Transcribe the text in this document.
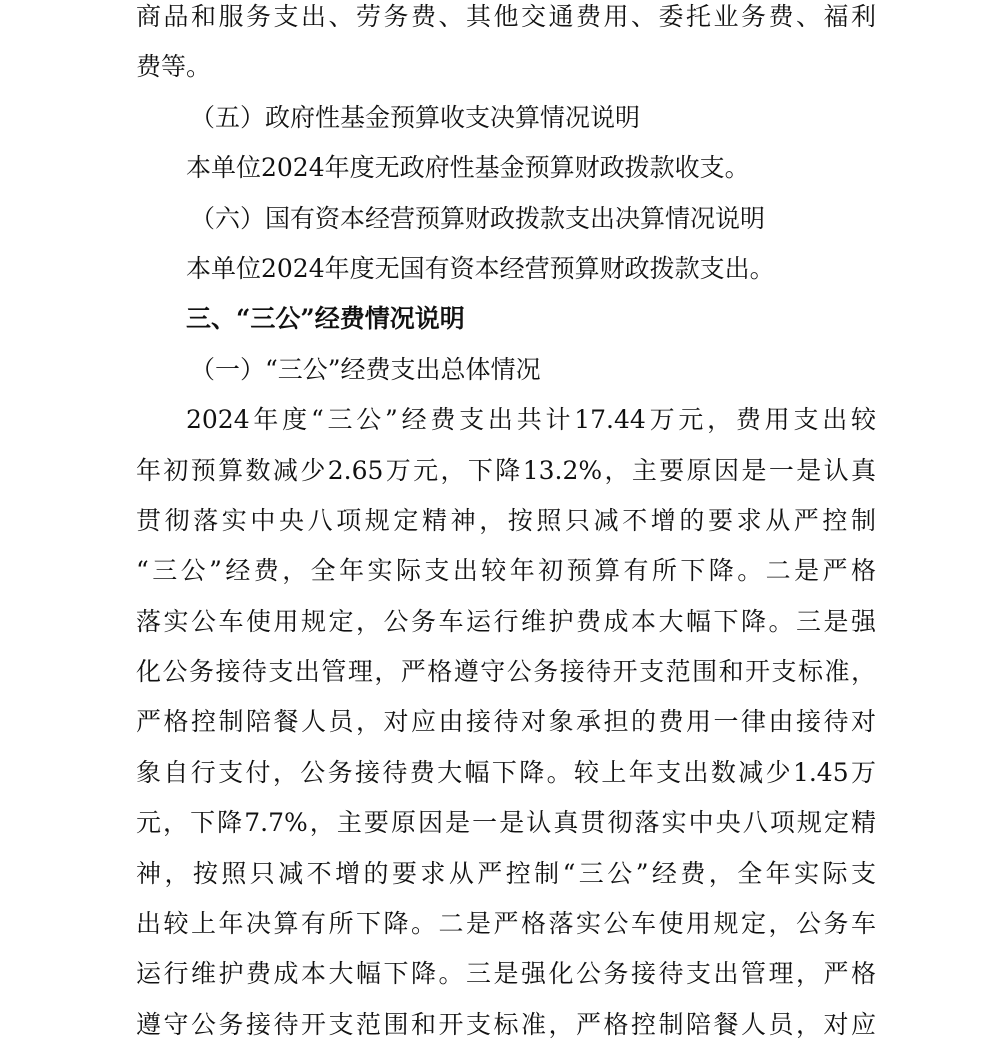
商品和服务支出、劳务费、其他交通费用、委托业务费、福利
费等。
（五）政府性基金预算收支决算情况说明
本单位2024年度无政府性基金预算财政拨款收支。
（六）国有资本经营预算财政拨款支出决算情况说明
本单位2024年度无国有资本经营预算财政拨款支出。
三、“三公”经费情况说明
（一）“三公”经费支出总体情况
2024年度“三公”经费支出共计17.44万元，费用支出较
年初预算数减少2.65万元，下降13.2%，主要原因是一是认真
贯彻落实中央八项规定精神，按照只减不增的要求从严控制
“三公”经费，全年实际支出较年初预算有所下降。二是严格
落实公车使用规定，公务车运行维护费成本大幅下降。三是强
化公务接待支出管理，严格遵守公务接待开支范围和开支标准，
严格控制陪餐人员，对应由接待对象承担的费用一律由接待对
象自行支付，公务接待费大幅下降。较上年支出数减少1.45万
元，下降7.7%，主要原因是一是认真贯彻落实中央八项规定精
神，按照只减不增的要求从严控制“三公”经费，全年实际支
出较上年决算有所下降。二是严格落实公车使用规定，公务车
运行维护费成本大幅下降。三是强化公务接待支出管理，严格
遵守公务接待开支范围和开支标准，严格控制陪餐人员，对应
